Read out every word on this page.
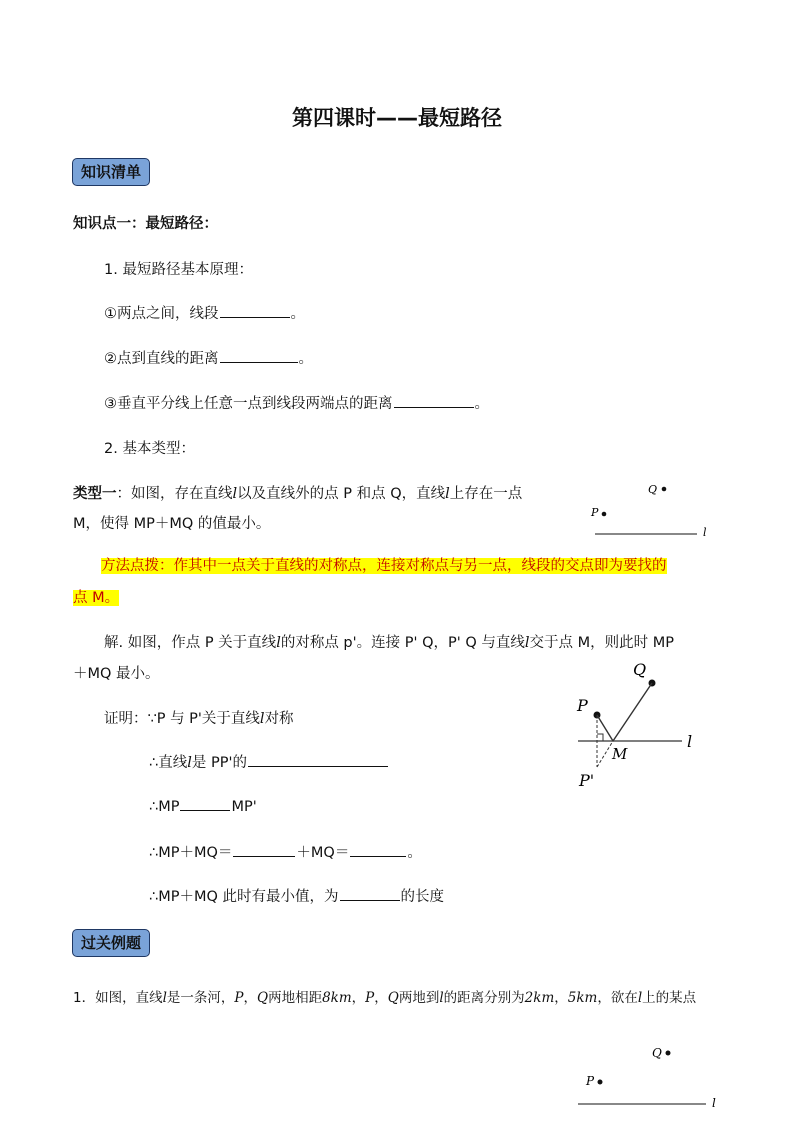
第四课时——最短路径
知识清单
知识点一：最短路径：
1. 最短路径基本原理：
①两点之间，线段	。
②点到直线的距离	。
③垂直平分线上任意一点到线段两端点的距离	。
2. 基本类型：
类型一：如图，存在直线l以及直线外的点 P 和点 Q，直线l上存在一点
M，使得 MP＋MQ 的值最小。
Q
P
l
方法点拨：作其中一点关于直线的对称点，连接对称点与另一点，线段的交点即为要找的
点 M。
解. 如图，作点 P 关于直线l的对称点 p'。连接 P' Q，P' Q 与直线l交于点 M，则此时 MP
＋MQ 最小。	Q
P
l
M
P'
证明：∵P 与 P'关于直线l对称
∴直线l是 PP'的
∴MP	MP'
∴MP＋MQ＝	＋MQ＝	。
∴MP＋MQ 此时有最小值，为	的长度
过关例题
1．如图，直线l是一条河，P，Q两地相距8km，P，Q两地到l的距离分别为2km，5km，欲在l上的某点
Q
P
l
